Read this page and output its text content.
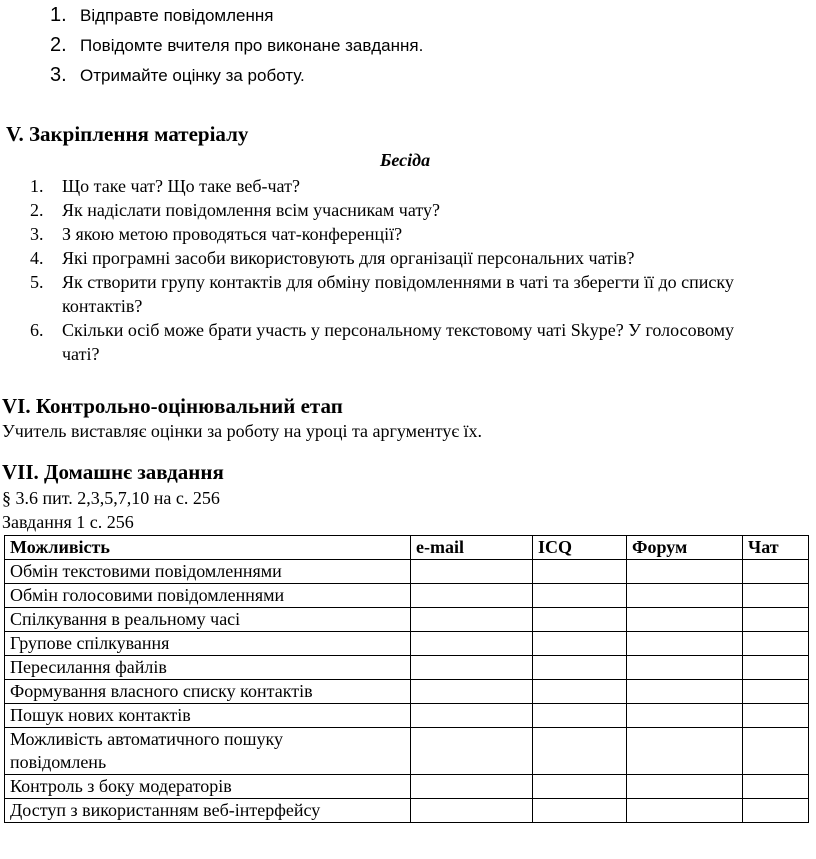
1. Відправте повідомлення
2. Повідомте вчителя про виконане завдання.
3. Отримайте оцінку за роботу.
V. Закріплення матеріалу
Бесіда
1. Що таке чат? Що таке веб-чат?
2. Як надіслати повідомлення всім учасникам чату?
3. З якою метою проводяться чат-конференції?
4. Які програмні засоби використовують для організації персональних чатів?
5. Як створити групу контактів для обміну повідомленнями в чаті та зберегти її до списку контактів?
6. Скільки осіб може брати участь у персональному текстовому чаті Skype? У голосовому чаті?
VI. Контрольно-оцінювальний етап
Учитель виставляє оцінки за роботу на уроці та аргументує їх.
VII. Домашнє завдання
§ 3.6 пит. 2,3,5,7,10 на с. 256
Завдання 1 с. 256
Можливість	e-mail	ICQ	Форум	Чат
Обмін текстовими повідомленнями				
Обмін голосовими повідомленнями				
Спілкування в реальному часі				
Групове спілкування				
Пересилання файлів				
Формування власного списку контактів				
Пошук нових контактів				
Можливість автоматичного пошуку
повідомлень				
Контроль з боку модераторів				
Доступ з використанням веб-інтерфейсу				
